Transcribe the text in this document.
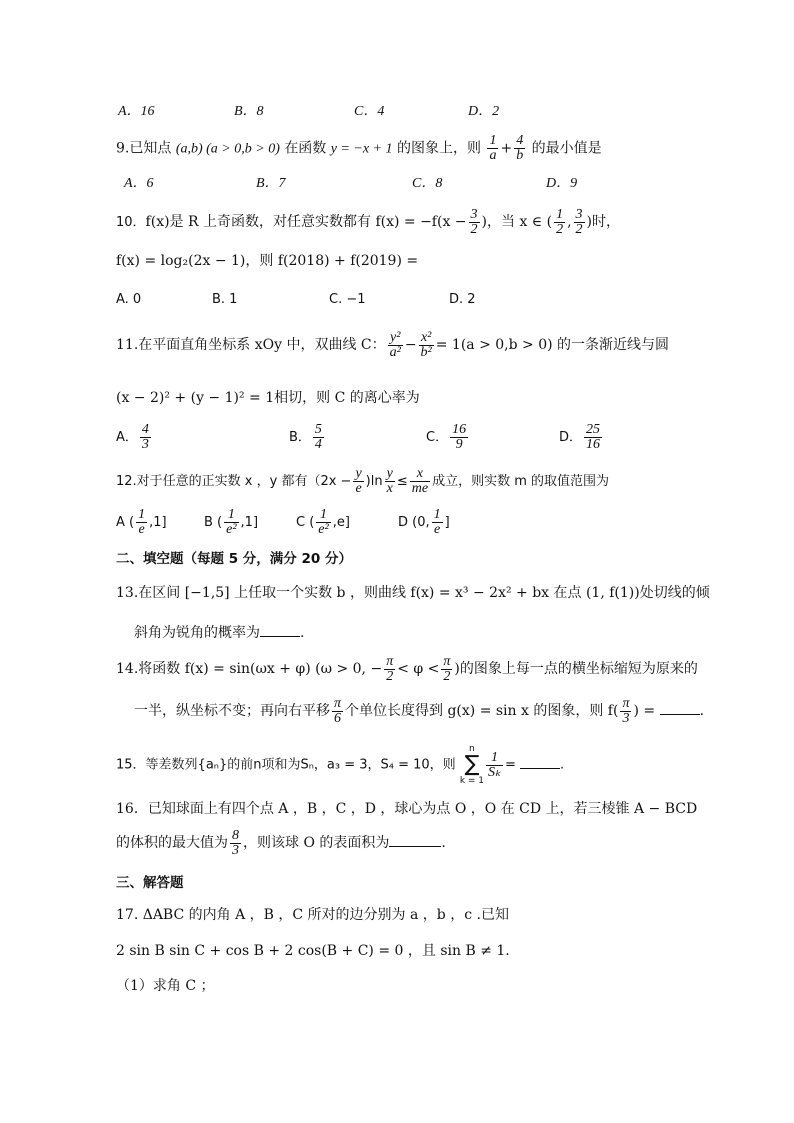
A．16	B．8	C．4	D．2
9.已知点 (a,b) (a > 0,b > 0) 在函数 y = −x + 1 的图象上，则 $\frac{1}{a} + \frac{4}{b}$ 的最小值是
A．6	B．7	C．8	D．9
10．f(x)是 R 上奇函数，对任意实数都有 $f(x) = -f(x - \frac{3}{2}$ )，当 x ∈ ( $\frac{1}{2}$ , $\frac{3}{2}$ )时，
f(x) = log₂(2x − 1)，则 f(2018) + f(2019) =
A. 0	B. 1	C. −1	D. 2
11.在平面直角坐标系 xOy 中，双曲线 C： $\frac{\text{y²}}{\text{a²}} - \frac{\text{x²}}{\text{b²}} = 1(a > 0,b > 0)$ 的一条渐近线与圆
(x − 2)² + (y − 1)² = 1相切，则 C 的离心率为
A． $\frac{4}{3}$	B． $\frac{5}{4}$	C． $\frac{16}{9}$	D． $\frac{25}{16}$
12.对于任意的正实数 x ，y 都有$(2x - \frac{y}{e} )\ln \frac{y}{x} \le \frac{x}{me}$ 成立，则实数 m 的取值范围为
A ( $\frac{1}{e} ,1$]	B ( $\frac{1}{\text{e²}} ,1$]	C ( $\frac{1}{\text{e²}} ,e$]	D (0, $\frac{1}{e}$ ]
二、填空题（每题 5 分，满分 20 分）
13.在区间 [−1,5] 上任取一个实数 b ，则曲线 f(x) = x³ − 2x² + bx 在点 (1, f(1))处切线的倾
斜角为锐角的概率为	.
14.将函数 f(x) = sin(ωx + φ) (ω > 0, − $\frac{\pi}{2} < \varphi < \frac{\pi}{2}$ )的图象上每一点的横坐标缩短为原来的
一半，纵坐标不变；再向右平移 $\frac{\pi}{6}$ 个单位长度得到 g(x) = sin x 的图象，则 $f( \frac{\pi}{3}$ ) =	.
15．等差数列{aₙ}的前n项和为Sₙ，a₃ = 3，S₄ = 10，则
n
∑
k = 1
$\frac{1}{\text{Sₖ}}$ =	.
16．已知球面上有四个点 A ，B ，C ，D ，球心为点 O ，O 在 CD 上，若三棱锥 A − BCD
的体积的最大值为 $\frac{8}{3}$ ，则该球 O 的表面积为	.
三、解答题
17. ΔABC 的内角 A ，B ，C 所对的边分别为 a ，b ，c .已知
2 sin B sin C + cos B + 2 cos(B + C) = 0 ，且 sin B ≠ 1.
（1）求角 C ；
